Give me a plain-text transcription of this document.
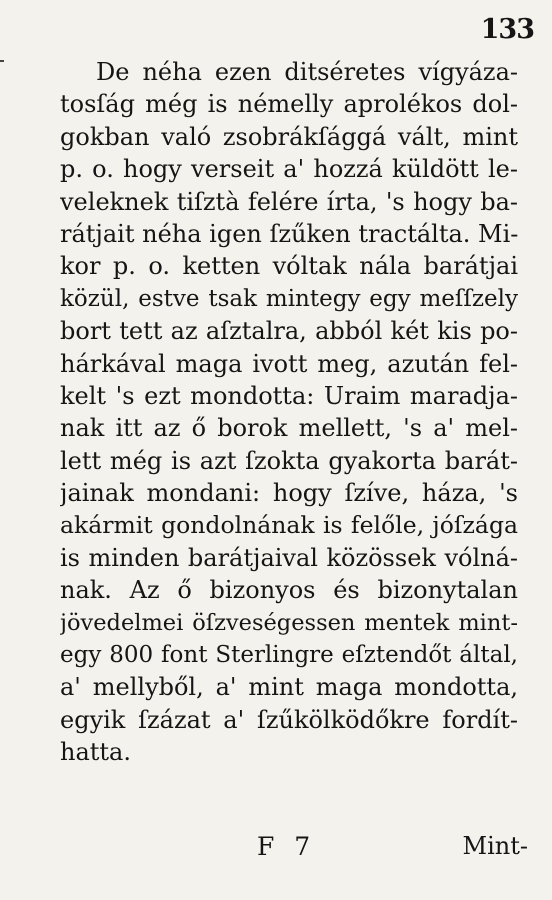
133
De néha ezen ditséretes vígyáza-
tosſág még is némelly aprolékos dol-
gokban való zsobrákſággá vált, mint
p. o. hogy verseit a' hozzá küldött le-
veleknek tiſztà felére írta, 's hogy ba-
rátjait néha igen ſzűken tractálta. Mi-
kor p. o. ketten vóltak nála barátjai
közül, estve tsak mintegy egy meſſzely
bort tett az aſztalra, abból két kis po-
hárkával maga ivott meg, azután fel-
kelt 's ezt mondotta: Uraim maradja-
nak itt az ő borok mellett, 's a' mel-
lett még is azt ſzokta gyakorta barát-
jainak mondani: hogy ſzíve, háza, 's
akármit gondolnának is felőle, jóſzága
is minden barátjaival közössek vólná-
nak. Az ő bizonyos és bizonytalan
jövedelmei öſzveségessen mentek mint-
egy 800 font Sterlingre eſztendőt által,
a' mellyből, a' mint maga mondotta,
egyik ſzázat a' ſzűkölködőkre fordít-
hatta.
F 7	Mint-
